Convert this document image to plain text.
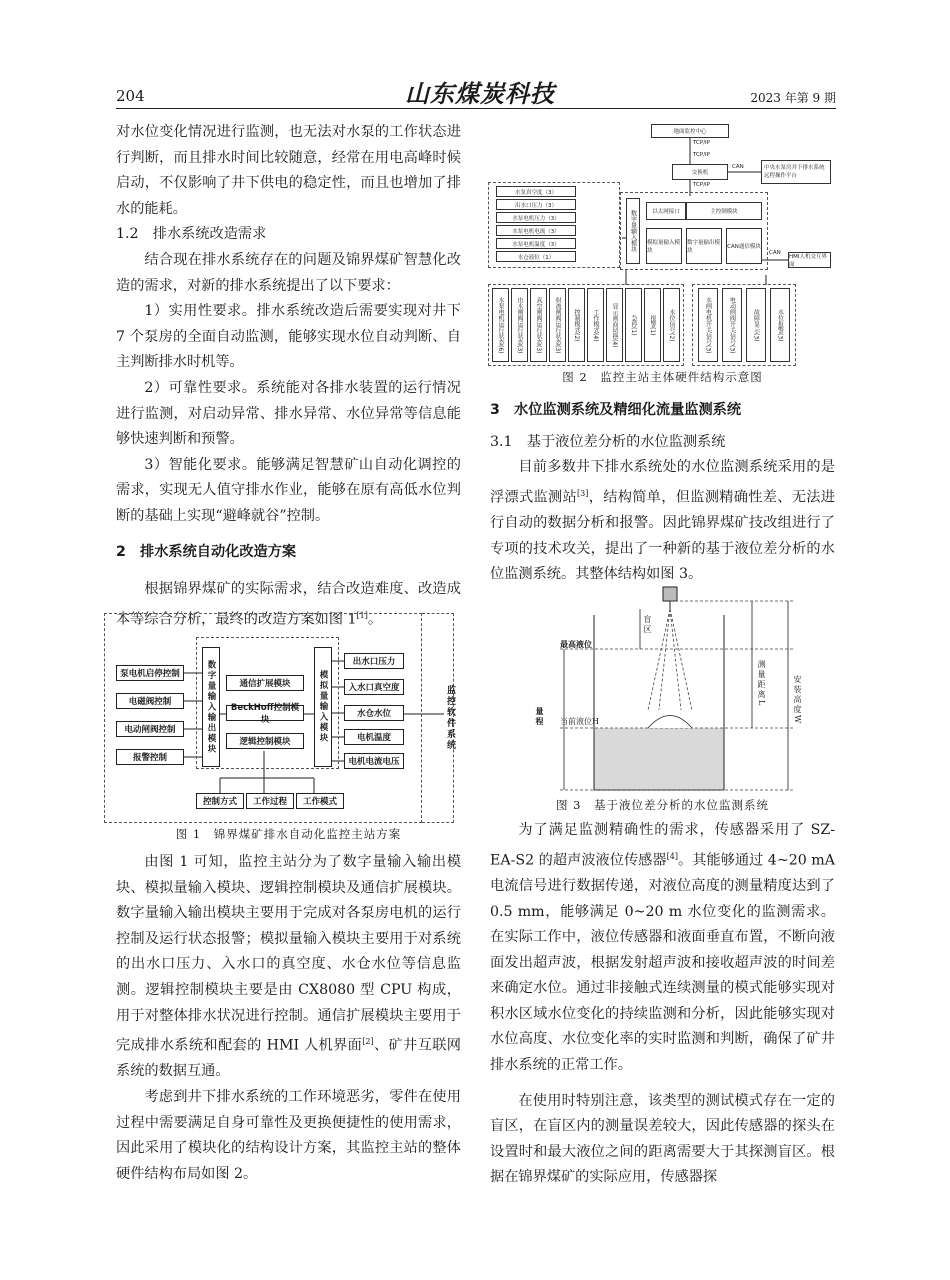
204	山东煤炭科技	2023 年第 9 期

对水位变化情况进行监测，也无法对水泵的工作状态进行判断，而且排水时间比较随意，经常在用电高峰时候启动，不仅影响了井下供电的稳定性，而且也增加了排水的能耗。

1.2　排水系统改造需求

结合现在排水系统存在的问题及锦界煤矿智慧化改造的需求，对新的排水系统提出了以下要求：

1）实用性要求。排水系统改造后需要实现对井下 7 个泵房的全面自动监测，能够实现水位自动判断、自主判断排水时机等。

2）可靠性要求。系统能对各排水装置的运行情况进行监测，对启动异常、排水异常、水位异常等信息能够快速判断和预警。

3）智能化要求。能够满足智慧矿山自动化调控的需求，实现无人值守排水作业，能够在原有高低水位判断的基础上实现“避峰就谷”控制。

2　排水系统自动化改造方案

根据锦界煤矿的实际需求，结合改造难度、改造成本等综合分析，最终的改造方案如图 1[1]。

泵电机启停控制
电磁阀控制
电动闸阀控制
报警控制
数字量输入输出模块	通信扩展模块
BeckHoff控制模块
逻辑控制模块	模拟量输入模块
出水口压力
入水口真空度
水仓水位
电机温度
电机电流电压
监控软件系统
控制方式	工作过程	工作模式
图 1　锦界煤矿排水自动化监控主站方案

由图 1 可知，监控主站分为了数字量输入输出模块、模拟量输入模块、逻辑控制模块及通信扩展模块。数字量输入输出模块主要用于完成对各泵房电机的运行控制及运行状态报警；模拟量输入模块主要用于对系统的出水口压力、入水口的真空度、水仓水位等信息监测。逻辑控制模块主要是由 CX8080 型 CPU 构成，用于对整体排水状况进行控制。通信扩展模块主要用于完成排水系统和配套的 HMI 人机界面[2]、矿井互联网系统的数据互通。

考虑到井下排水系统的工作环境恶劣，零件在使用过程中需要满足自身可靠性及更换便捷性的使用需求，因此采用了模块化的结构设计方案，其监控主站的整体硬件结构布局如图 2。

地面监控中心
TCP/IP
TCP/IP
交换机
CAN	中央水泵房井下排水系统远程操作平台
TCP/IP
水泵真空度（3）
出水口压力（3）
水泵电机压力（3）
水泵电机电流（3）
水泵电机温度（3）
水仓液位（1）
数字量输入模块	以太网接口	主控制模块
模拟量输入模块
数字量输出模块
CAN通信模块
CAN
HMI人机交互界面
水泵电机运行状态(6)	出水闸阀运行状态(3)	真空闸阀运行状态(3)	射流闸阀运行状态(3)	控制模式(2)	工作模式(4)	显示画面切换(4)	急停(1)	报警(1)	水位信号(2)	水闸电机开关信号(3)	电动闸阀开关信号(3)	故障显示(3)	水位报警(3)
图 2　监控主站主体硬件结构示意图
3　水位监测系统及精细化流量监测系统
3.1　基于液位差分析的水位监测系统

目前多数井下排水系统处的水位监测系统采用的是浮漂式监测站[3]，结构简单，但监测精确性差、无法进行自动的数据分析和报警。因此锦界煤矿技改组进行了专项的技术攻关，提出了一种新的基于液位差分析的水位监测系统。其整体结构如图 3。

盲区
最高液位
量程 当前液位H
测量距离L	安装高度W
图 3　基于液位差分析的水位监测系统

为了满足监测精确性的需求，传感器采用了 SZ-EA-S2 的超声波液位传感器[4]。其能够通过 4~20 mA 电流信号进行数据传递，对液位高度的测量精度达到了 0.5 mm，能够满足 0~20 m 水位变化的监测需求。在实际工作中，液位传感器和液面垂直布置，不断向液面发出超声波，根据发射超声波和接收超声波的时间差来确定水位。通过非接触式连续测量的模式能够实现对积水区域水位变化的持续监测和分析，因此能够实现对水位高度、水位变化率的实时监测和判断，确保了矿井排水系统的正常工作。

在使用时特别注意，该类型的测试模式存在一定的盲区，在盲区内的测量误差较大，因此传感器的探头在设置时和最大液位之间的距离需要大于其探测盲区。根据在锦界煤矿的实际应用，传感器探
